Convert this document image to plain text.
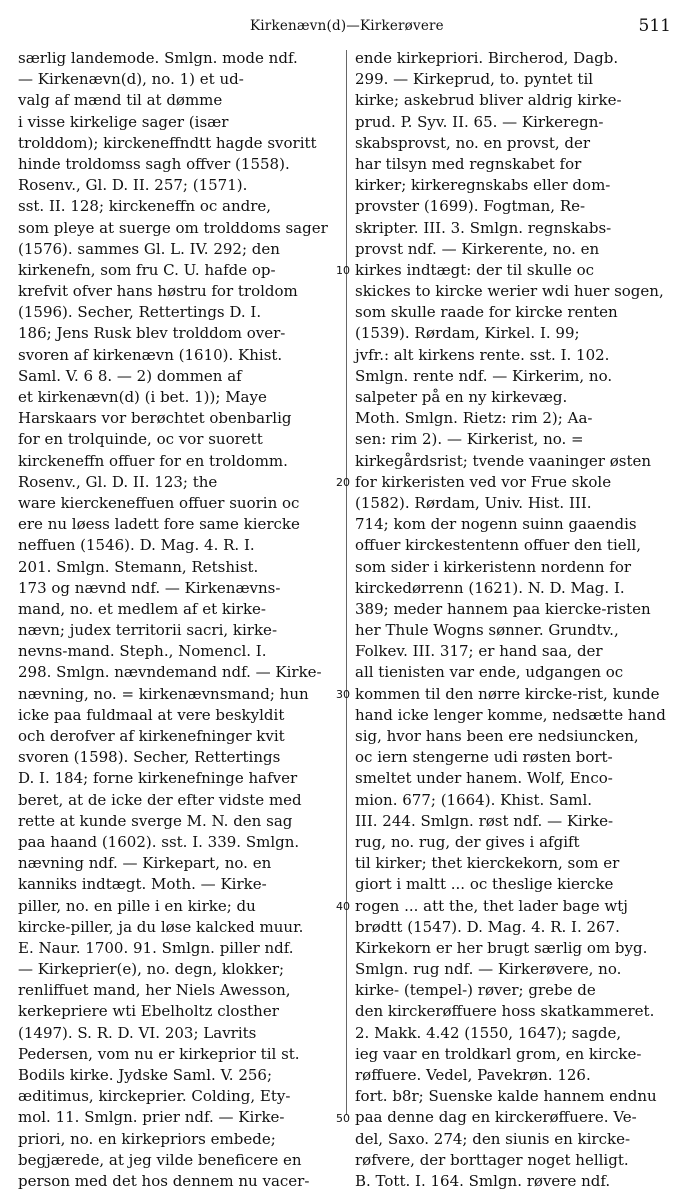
Kirkenævn(d)—Kirkerøvere	511
særlig landemode. Smlgn. mode ndf.
— Kirkenævn(d), no. 1) et ud-
valg af mænd til at dømme
i visse kirkelige sager (især
trolddom); kirckeneffndtt hagde svoritt
hinde troldomss sagh offver (1558).
Rosenv., Gl. D. II. 257; (1571).
sst. II. 128; kirckeneffn oc andre,
som pleye at suerge om trolddoms sager
(1576). sammes Gl. L. IV. 292; den
kirkenefn, som fru C. U. hafde op-
krefvit ofver hans høstru for troldom
(1596). Secher, Rettertings D. I.
186; Jens Rusk blev trolddom over-
svoren af kirkenævn (1610). Khist.
Saml. V. 6 8. — 2) dommen af
et kirkenævn(d) (i bet. 1)); Maye
Harskaars vor berøchtet obenbarlig
for en trolquinde, oc vor suorett
kirckeneffn offuer for en troldomm.
Rosenv., Gl. D. II. 123; the
ware kierckeneffuen offuer suorin oc
ere nu løess ladett fore same kiercke
neffuen (1546). D. Mag. 4. R. I.
201. Smlgn. Stemann, Retshist.
173 og nævnd ndf. — Kirkenævns-
mand, no. et medlem af et kirke-
nævn; judex territorii sacri, kirke-
nevns-mand. Steph., Nomencl. I.
298. Smlgn. nævndemand ndf. — Kirke-
nævning, no. = kirkenævnsmand; hun
icke paa fuldmaal at vere beskyldit
och derofver af kirkenefninger kvit
svoren (1598). Secher, Rettertings
D. I. 184; forne kirkenefninge hafver
beret, at de icke der efter vidste med
rette at kunde sverge M. N. den sag
paa haand (1602). sst. I. 339. Smlgn.
nævning ndf. — Kirkepart, no. en
kanniks indtægt. Moth. — Kirke-
piller, no. en pille i en kirke; du
kircke-piller, ja du løse kalcked muur.
E. Naur. 1700. 91. Smlgn. piller ndf.
— Kirkeprier(e), no. degn, klokker;
renliffuet mand, her Niels Awesson,
kerkepriere wti Ebelholtz closther
(1497). S. R. D. VI. 203; Lavrits
Pedersen, vom nu er kirkeprior til st.
Bodils kirke. Jydske Saml. V. 256;
æditimus, kirckeprier. Colding, Ety-
mol. 11. Smlgn. prier ndf. — Kirke-
priori, no. en kirkepriors embede;
begjærede, at jeg vilde beneficere en
person med det hos dennem nu vacer-
ende kirkepriori. Bircherod, Dagb.
299. — Kirkeprud, to. pyntet til
kirke; askebrud bliver aldrig kirke-
prud. P. Syv. II. 65. — Kirkeregn-
skabsprovst, no. en provst, der
har tilsyn med regnskabet for
kirker; kirkeregnskabs eller dom-
provster (1699). Fogtman, Re-
skripter. III. 3. Smlgn. regnskabs-
provst ndf. — Kirkerente, no. en
kirkes indtægt: der til skulle oc
skickes to kircke werier wdi huer sogen,
som skulle raade for kircke renten
(1539). Rørdam, Kirkel. I. 99;
jvfr.: alt kirkens rente. sst. I. 102.
Smlgn. rente ndf. — Kirkerim, no.
salpeter på en ny kirkevæg.
Moth. Smlgn. Rietz: rim 2); Aa-
sen: rim 2). — Kirkerist, no. =
kirkegårdsrist; tvende vaaninger østen
for kirkeristen ved vor Frue skole
(1582). Rørdam, Univ. Hist. III.
714; kom der nogenn suinn gaaendis
offuer kirckestentenn offuer den tiell,
som sider i kirkeristenn nordenn for
kirckedørrenn (1621). N. D. Mag. I.
389; meder hannem paa kiercke-risten
her Thule Wogns sønner. Grundtv.,
Folkev. III. 317; er hand saa, der
all tienisten var ende, udgangen oc
kommen til den nørre kircke-rist, kunde
hand icke lenger komme, nedsætte hand
sig, hvor hans been ere nedsiuncken,
oc iern stengerne udi røsten bort-
smeltet under hanem. Wolf, Enco-
mion. 677; (1664). Khist. Saml.
III. 244. Smlgn. røst ndf. — Kirke-
rug, no. rug, der gives i afgift
til kirker; thet kierckekorn, som er
giort i maltt ... oc theslige kiercke
rogen ... att the, thet lader bage wtj
brødtt (1547). D. Mag. 4. R. I. 267.
Kirkekorn er her brugt særlig om byg.
Smlgn. rug ndf. — Kirkerøvere, no.
kirke- (tempel-) røver; grebe de
den kirckerøffuere hoss skatkammeret.
2. Makk. 4.42 (1550, 1647); sagde,
ieg vaar en troldkarl grom, en kircke-
røffuere. Vedel, Pavekrøn. 126.
fort. b8r; Suenske kalde hannem endnu
paa denne dag en kirckerøffuere. Ve-
del, Saxo. 274; den siunis en kircke-
røfvere, der borttager noget helligt.
B. Tott. I. 164. Smlgn. røvere ndf.
10
20
30
40
50
